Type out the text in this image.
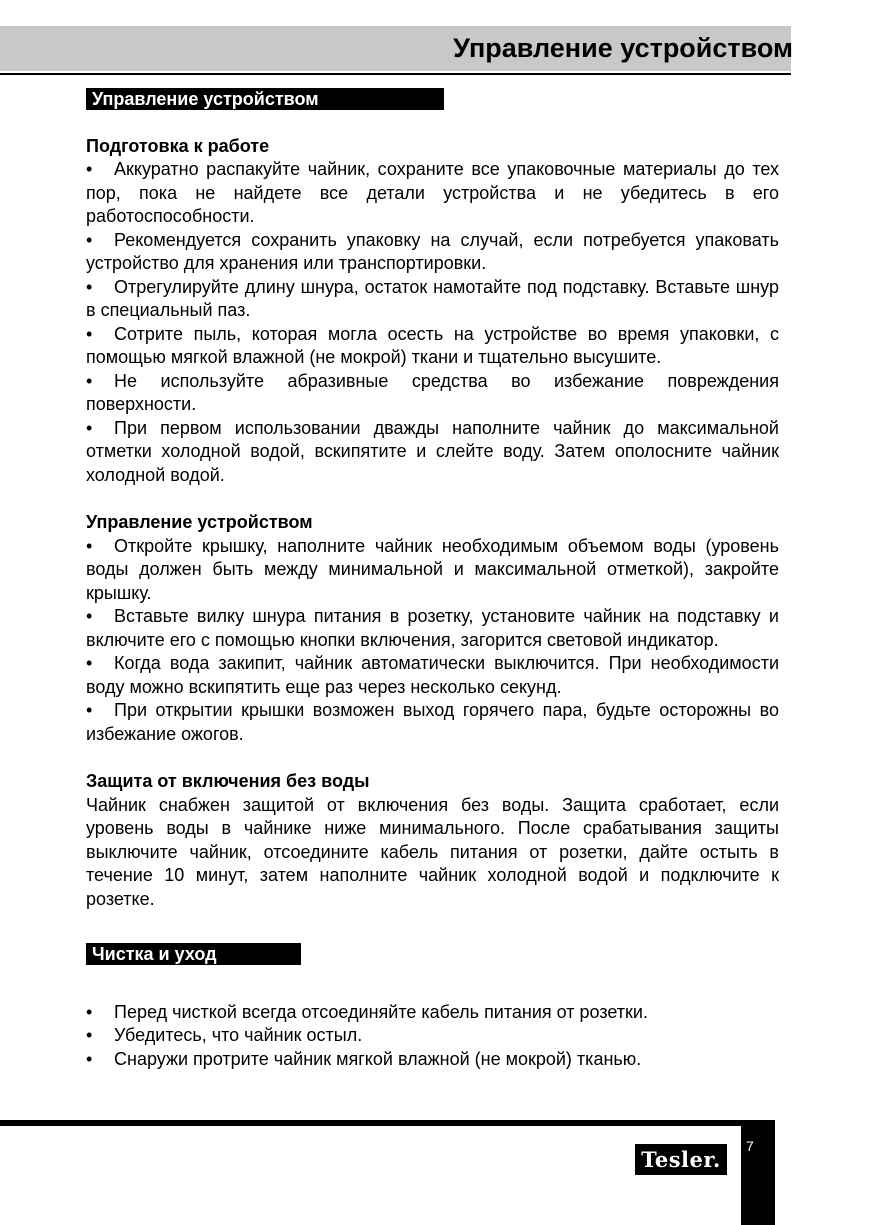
Управление устройством
Управление устройством

Подготовка к работе

• Аккуратно распакуйте чайник, сохраните все упаковочные материалы до тех пор, пока не найдете все детали устройства и не убедитесь в его работоспособности.

• Рекомендуется сохранить упаковку на случай, если потребуется упаковать устройство для хранения или транспортировки.

• Отрегулируйте длину шнура, остаток намотайте под подставку. Вставьте шнур в специальный паз.

• Сотрите пыль, которая могла осесть на устройстве во время упаковки, с помощью мягкой влажной (не мокрой) ткани и тщательно высушите.

• Не используйте абразивные средства во избежание повреждения поверхности.

• При первом использовании дважды наполните чайник до максимальной отметки холодной водой, вскипятите и слейте воду. Затем ополосните чайник холодной водой.

Управление устройством

• Откройте крышку, наполните чайник необходимым объемом воды (уровень воды должен быть между минимальной и максимальной отметкой), закройте крышку.

• Вставьте вилку шнура питания в розетку, установите чайник на подставку и включите его с помощью кнопки включения, загорится световой индикатор.

• Когда вода закипит, чайник автоматически выключится. При необходимости воду можно вскипятить еще раз через несколько секунд.

• При открытии крышки возможен выход горячего пара, будьте осторожны во избежание ожогов.

Защита от включения без воды

Чайник снабжен защитой от включения без воды. Защита сработает, если уровень воды в чайнике ниже минимального. После срабатывания защиты выключите чайник, отсоедините кабель питания от розетки, дайте остыть в течение 10 минут, затем наполните чайник холодной водой и подключите к розетке.

Чистка и уход
•	Перед чисткой всегда отсоединяйте кабель питания от розетки.
•	Убедитесь, что чайник остыл.
•	Снаружи протрите чайник мягкой влажной (не мокрой) тканью.
7
Tesler.
